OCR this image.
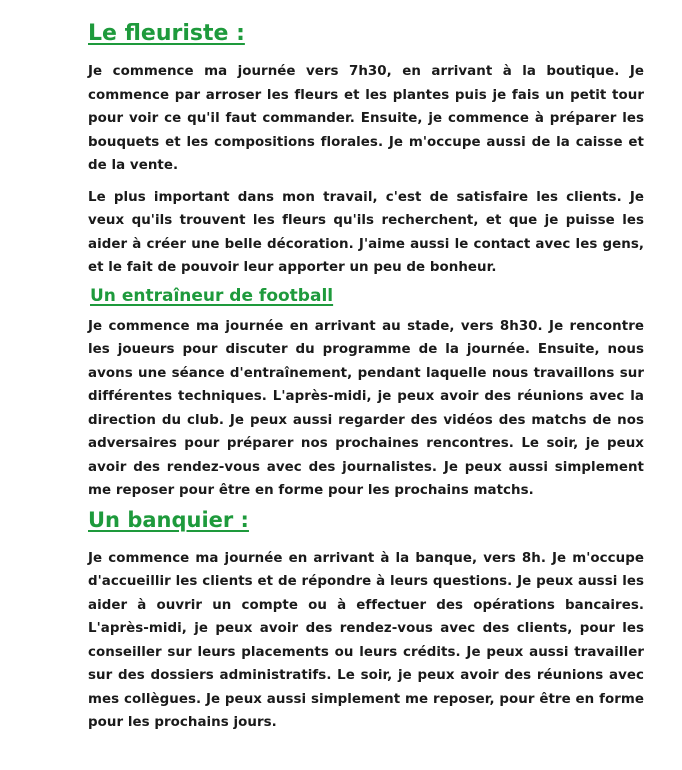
Le fleuriste :

Je commence ma journée vers 7h30, en arrivant à la boutique. Je commence par arroser les fleurs et les plantes puis je fais un petit tour pour voir ce qu'il faut commander. Ensuite, je commence à préparer les bouquets et les compositions florales. Je m'occupe aussi de la caisse et de la vente.

Le plus important dans mon travail, c'est de satisfaire les clients. Je veux qu'ils trouvent les fleurs qu'ils recherchent, et que je puisse les aider à créer une belle décoration. J'aime aussi le contact avec les gens, et le fait de pouvoir leur apporter un peu de bonheur.

Un entraîneur de football

Je commence ma journée en arrivant au stade, vers 8h30. Je rencontre les joueurs pour discuter du programme de la journée. Ensuite, nous avons une séance d'entraînement, pendant laquelle nous travaillons sur différentes techniques. L'après-midi, je peux avoir des réunions avec la direction du club. Je peux aussi regarder des vidéos des matchs de nos adversaires pour préparer nos prochaines rencontres. Le soir, je peux avoir des rendez-vous avec des journalistes. Je peux aussi simplement me reposer pour être en forme pour les prochains matchs.

Un banquier :

Je commence ma journée en arrivant à la banque, vers 8h. Je m'occupe d'accueillir les clients et de répondre à leurs questions. Je peux aussi les aider à ouvrir un compte ou à effectuer des opérations bancaires. L'après-midi, je peux avoir des rendez-vous avec des clients, pour les conseiller sur leurs placements ou leurs crédits. Je peux aussi travailler sur des dossiers administratifs. Le soir, je peux avoir des réunions avec mes collègues. Je peux aussi simplement me reposer, pour être en forme pour les prochains jours.
